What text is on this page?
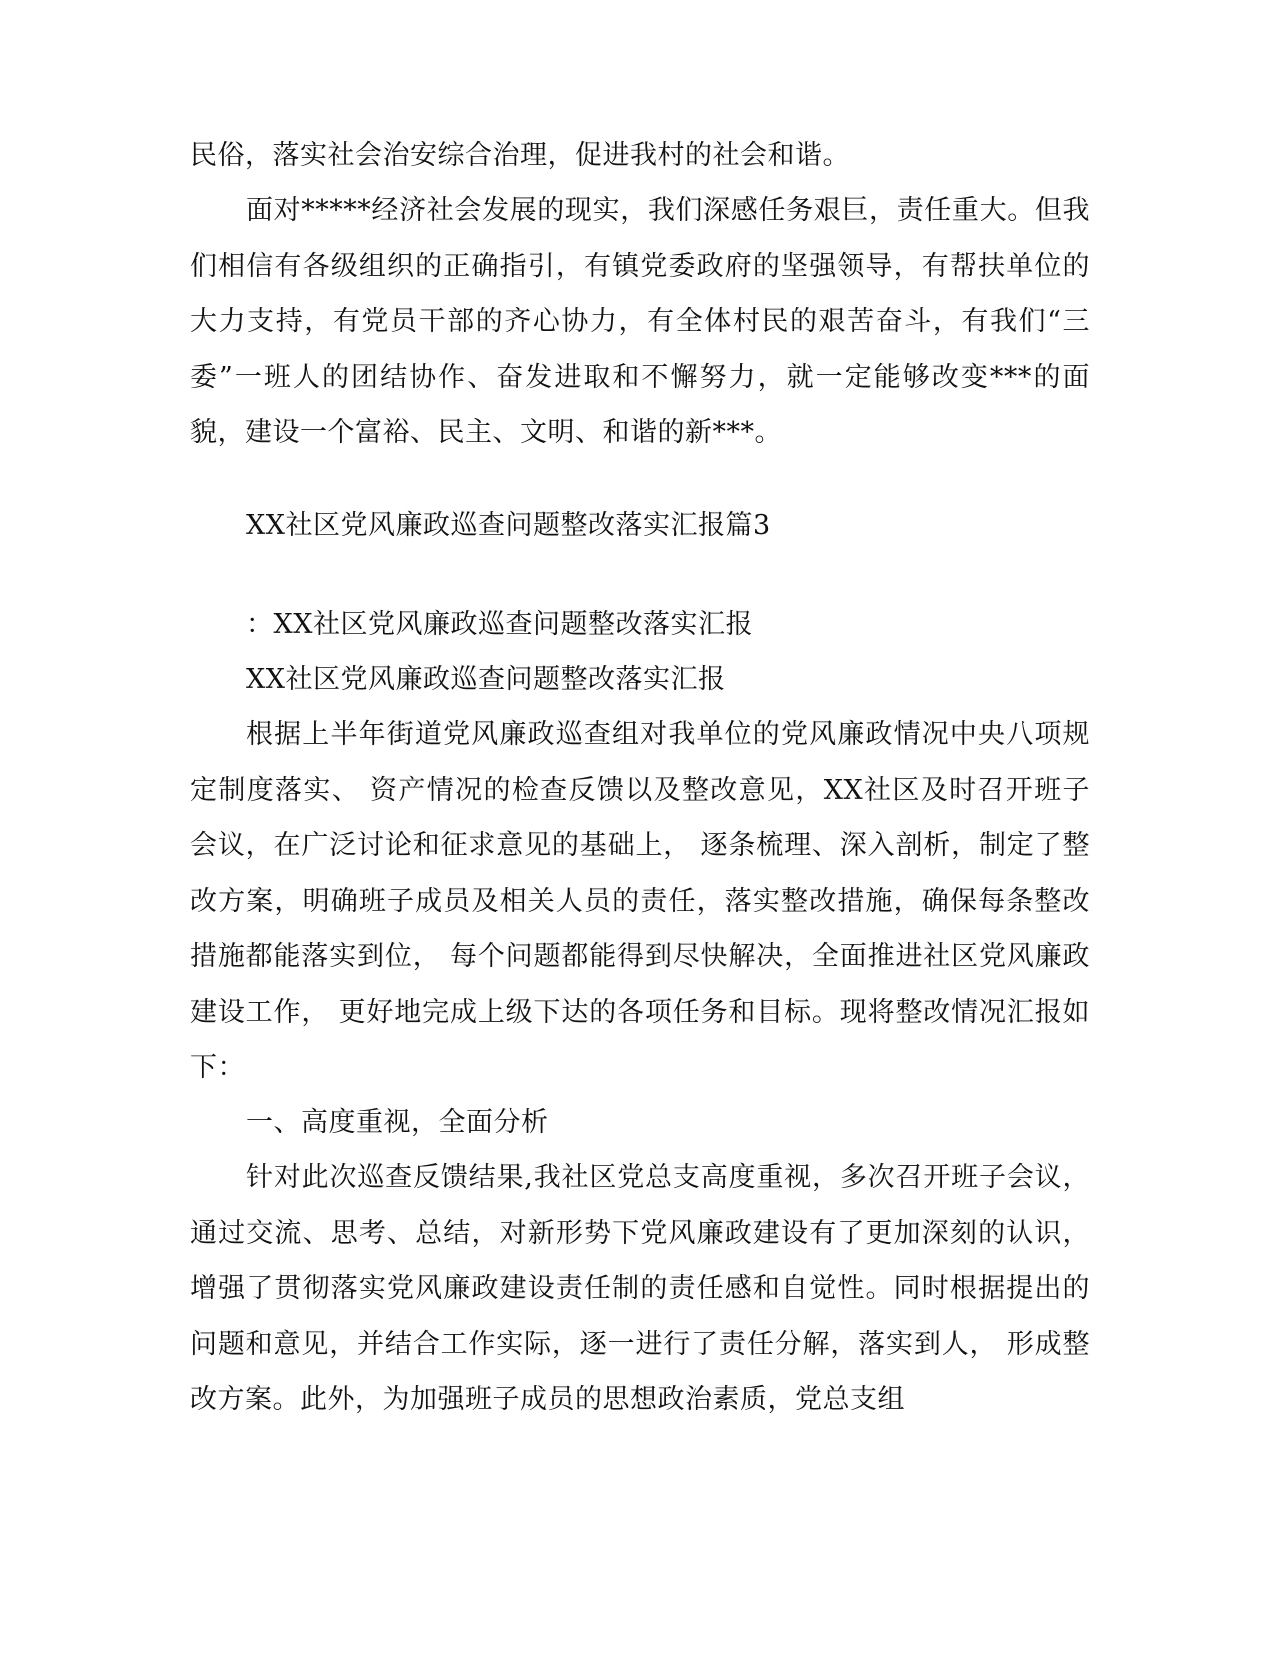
民俗，落实社会治安综合治理，促进我村的社会和谐。

面对*****经济社会发展的现实，我们深感任务艰巨，责任重大。但我们相信有各级组织的正确指引，有镇党委政府的坚强领导，有帮扶单位的大力支持，有党员干部的齐心协力，有全体村民的艰苦奋斗，有我们“三委”一班人的团结协作、奋发进取和不懈努力，就一定能够改变***的面貌，建设一个富裕、民主、文明、和谐的新***。

XX社区党风廉政巡查问题整改落实汇报篇3

：XX社区党风廉政巡查问题整改落实汇报

XX社区党风廉政巡查问题整改落实汇报

根据上半年街道党风廉政巡查组对我单位的党风廉政情况中央八项规定制度落实、 资产情况的检查反馈以及整改意见，XX社区及时召开班子会议，在广泛讨论和征求意见的基础上， 逐条梳理、深入剖析，制定了整改方案，明确班子成员及相关人员的责任，落实整改措施，确保每条整改措施都能落实到位， 每个问题都能得到尽快解决，全面推进社区党风廉政建设工作， 更好地完成上级下达的各项任务和目标。现将整改情况汇报如下：

一、高度重视，全面分析

针对此次巡查反馈结果,我社区党总支高度重视，多次召开班子会议，通过交流、思考、总结，对新形势下党风廉政建设有了更加深刻的认识，增强了贯彻落实党风廉政建设责任制的责任感和自觉性。同时根据提出的问题和意见，并结合工作实际，逐一进行了责任分解，落实到人， 形成整改方案。此外，为加强班子成员的思想政治素质，党总支组
